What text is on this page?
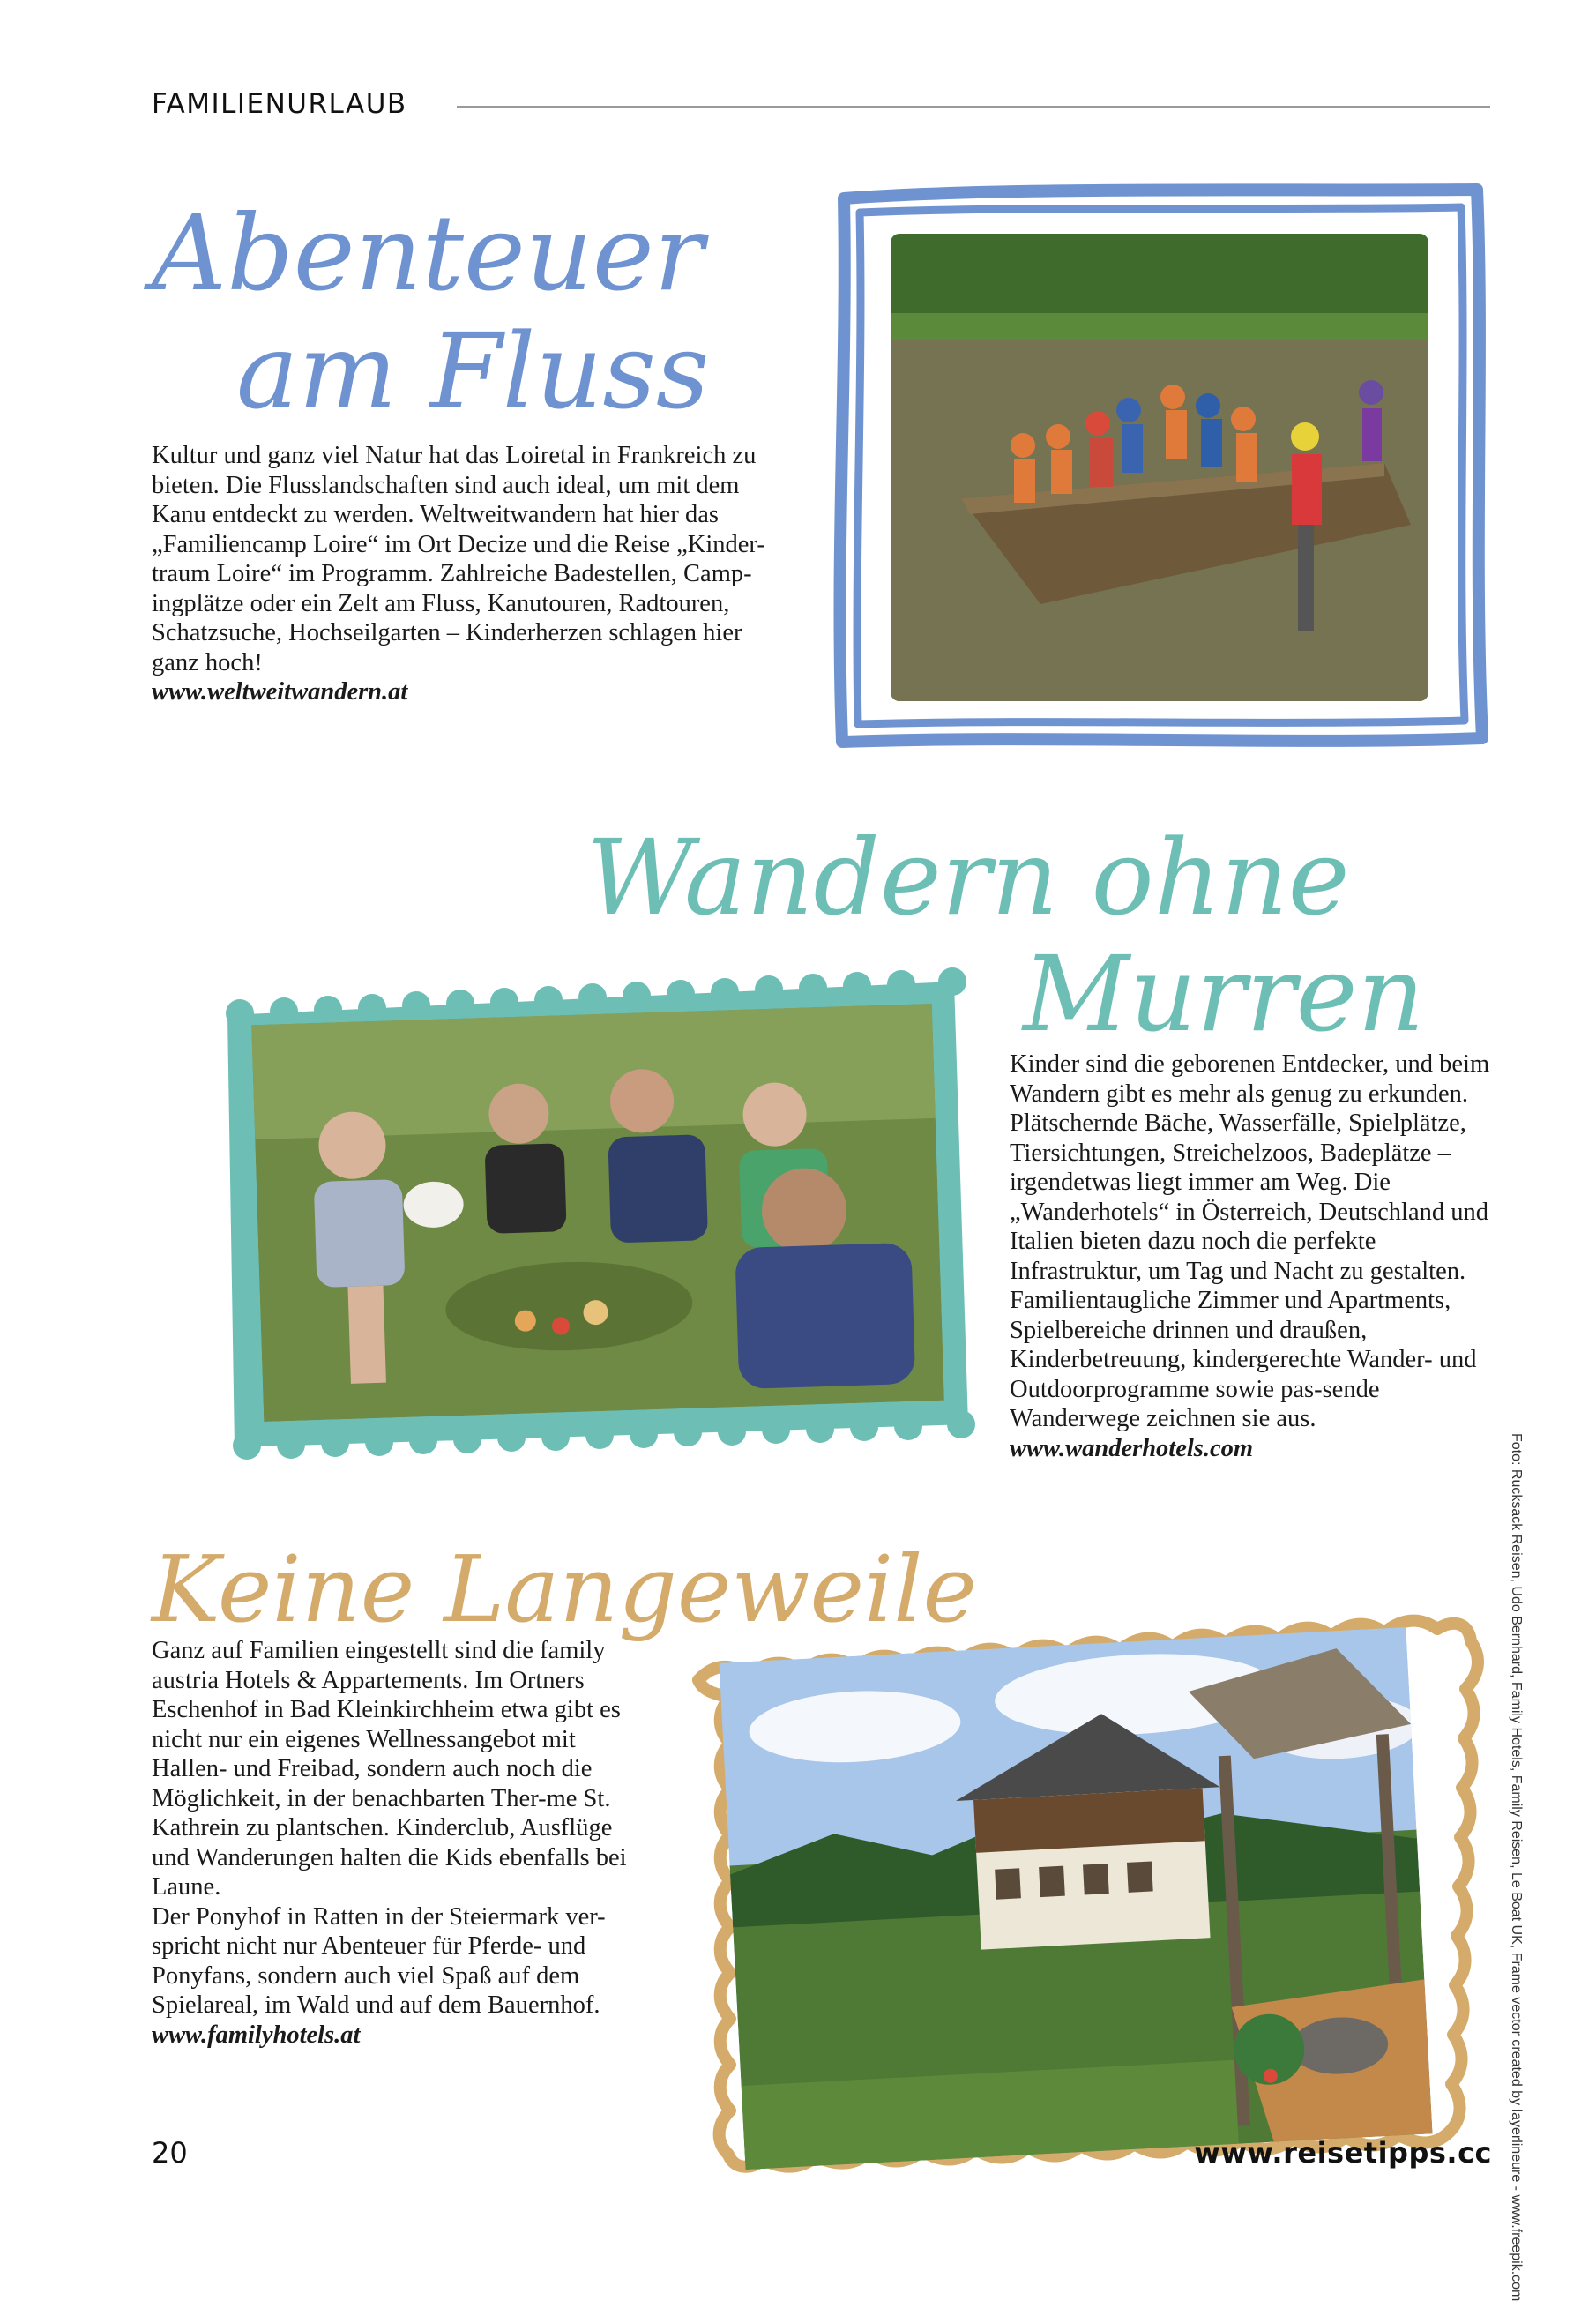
FAMILIENURLAUB
Abenteuer
am Fluss

Kultur und ganz viel Natur hat das Loiretal in Frankreich zu bieten. Die Flusslandschaften sind auch ideal, um mit dem Kanu entdeckt zu werden. Weltweitwandern hat hier das „Familiencamp Loire“ im Ort Decize und die Reise „Kinder-traum Loire“ im Programm. Zahlreiche Badestellen, Camp-ingplätze oder ein Zelt am Fluss, Kanutouren, Radtouren, Schatzsuche, Hochseilgarten – Kinderherzen schlagen hier ganz hoch!

www.weltweitwandern.at

Wandern ohne
Murren

Kinder sind die geborenen Entdecker, und beim Wandern gibt es mehr als genug zu erkunden. Plätschernde Bäche, Wasserfälle, Spielplätze, Tiersichtungen, Streichelzoos, Badeplätze – irgendetwas liegt immer am Weg. Die „Wanderhotels“ in Österreich, Deutschland und Italien bieten dazu noch die perfekte Infrastruktur, um Tag und Nacht zu gestalten. Familientaugliche Zimmer und Apartments, Spielbereiche drinnen und draußen, Kinderbetreuung, kindergerechte Wander- und Outdoorprogramme sowie pas-sende Wanderwege zeichnen sie aus.

www.wanderhotels.com

Keine Langeweile

Ganz auf Familien eingestellt sind die family austria Hotels & Appartements. Im Ortners Eschenhof in Bad Kleinkirchheim etwa gibt es nicht nur ein eigenes Wellnessangebot mit Hallen- und Freibad, sondern auch noch die Möglichkeit, in der benachbarten Ther-me St. Kathrein zu plantschen. Kinderclub, Ausflüge und Wanderungen halten die Kids ebenfalls bei Laune.

Der Ponyhof in Ratten in der Steiermark ver-spricht nicht nur Abenteuer für Pferde- und Ponyfans, sondern auch viel Spaß auf dem Spielareal, im Wald und auf dem Bauernhof.

www.familyhotels.at

20	www.reisetipps.cc Foto: Rucksack Reisen, Udo Bernhard, Family Hotels, Family Reisen, Le Boat UK, Frame vector created by layerlineure - www.freepik.com
